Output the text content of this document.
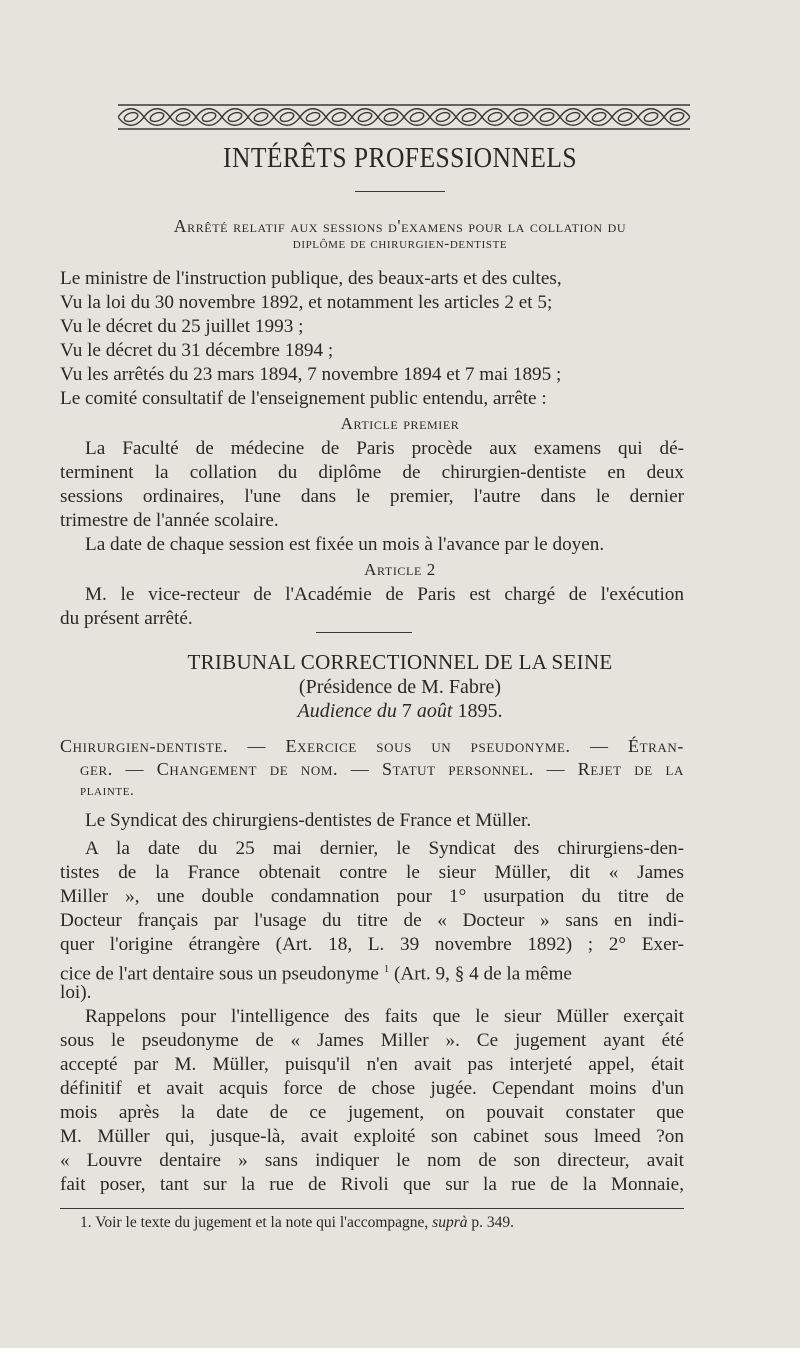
INTÉRÊTS PROFESSIONNELS
Arrêté relatif aux sessions d'examens pour la collation du
diplôme de chirurgien-dentiste
Le ministre de l'instruction publique, des beaux-arts et des cultes,
Vu la loi du 30 novembre 1892, et notamment les articles 2 et 5;
Vu le décret du 25 juillet 1993 ;
Vu le décret du 31 décembre 1894 ;
Vu les arrêtés du 23 mars 1894, 7 novembre 1894 et 7 mai 1895 ;
Le comité consultatif de l'enseignement public entendu, arrête :
Article premier
La Faculté de médecine de Paris procède aux examens qui dé-
terminent la collation du diplôme de chirurgien-dentiste en deux
sessions ordinaires, l'une dans le premier, l'autre dans le dernier
trimestre de l'année scolaire.
La date de chaque session est fixée un mois à l'avance par le doyen.
Article 2
M. le vice-recteur de l'Académie de Paris est chargé de l'exécution
du présent arrêté.
TRIBUNAL CORRECTIONNEL DE LA SEINE
(Présidence de M. Fabre)
Audience du 7 août 1895.
Chirurgien-dentiste. — Exercice sous un pseudonyme. — Étran-
ger. — Changement de nom. — Statut personnel. — Rejet de la
plainte.
Le Syndicat des chirurgiens-dentistes de France et Müller.
A la date du 25 mai dernier, le Syndicat des chirurgiens-den-
tistes de la France obtenait contre le sieur Müller, dit « James
Miller », une double condamnation pour 1° usurpation du titre de
Docteur français par l'usage du titre de « Docteur » sans en indi-
quer l'origine étrangère (Art. 18, L. 39 novembre 1892) ; 2° Exer-
cice de l'art dentaire sous un pseudonyme $^1$ (Art. 9, § 4 de la même
loi).
Rappelons pour l'intelligence des faits que le sieur Müller exerçait
sous le pseudonyme de « James Miller ». Ce jugement ayant été
accepté par M. Müller, puisqu'il n'en avait pas interjeté appel, était
définitif et avait acquis force de chose jugée. Cependant moins d'un
mois après la date de ce jugement, on pouvait constater que
M. Müller qui, jusque-là, avait exploité son cabinet sous lmeed ?on
« Louvre dentaire » sans indiquer le nom de son directeur, avait
fait poser, tant sur la rue de Rivoli que sur la rue de la Monnaie,
1. Voir le texte du jugement et la note qui l'accompagne, suprà p. 349.
